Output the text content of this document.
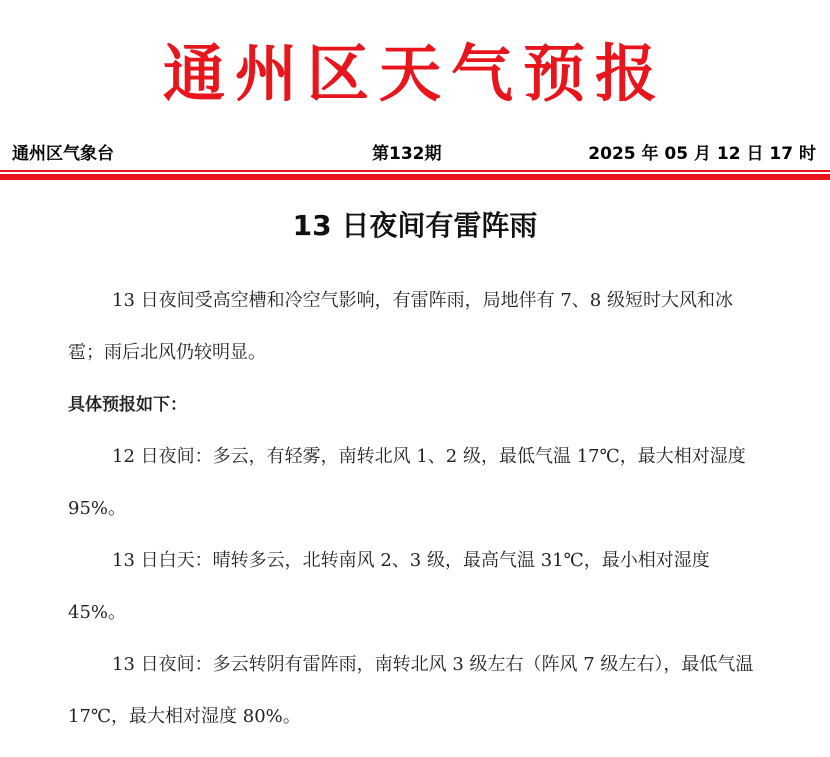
通州区天气预报
通州区气象台	第132期	2025 年 05 月 12 日 17 时
13 日夜间有雷阵雨

13 日夜间受高空槽和冷空气影响，有雷阵雨，局地伴有 7、8 级短时大风和冰雹；雨后北风仍较明显。

具体预报如下：

12 日夜间：多云，有轻雾，南转北风 1、2 级，最低气温 17℃，最大相对湿度 95%。

13 日白天：晴转多云，北转南风 2、3 级，最高气温 31℃，最小相对湿度 45%。

13 日夜间：多云转阴有雷阵雨，南转北风 3 级左右（阵风 7 级左右），最低气温 17℃，最大相对湿度 80%。
